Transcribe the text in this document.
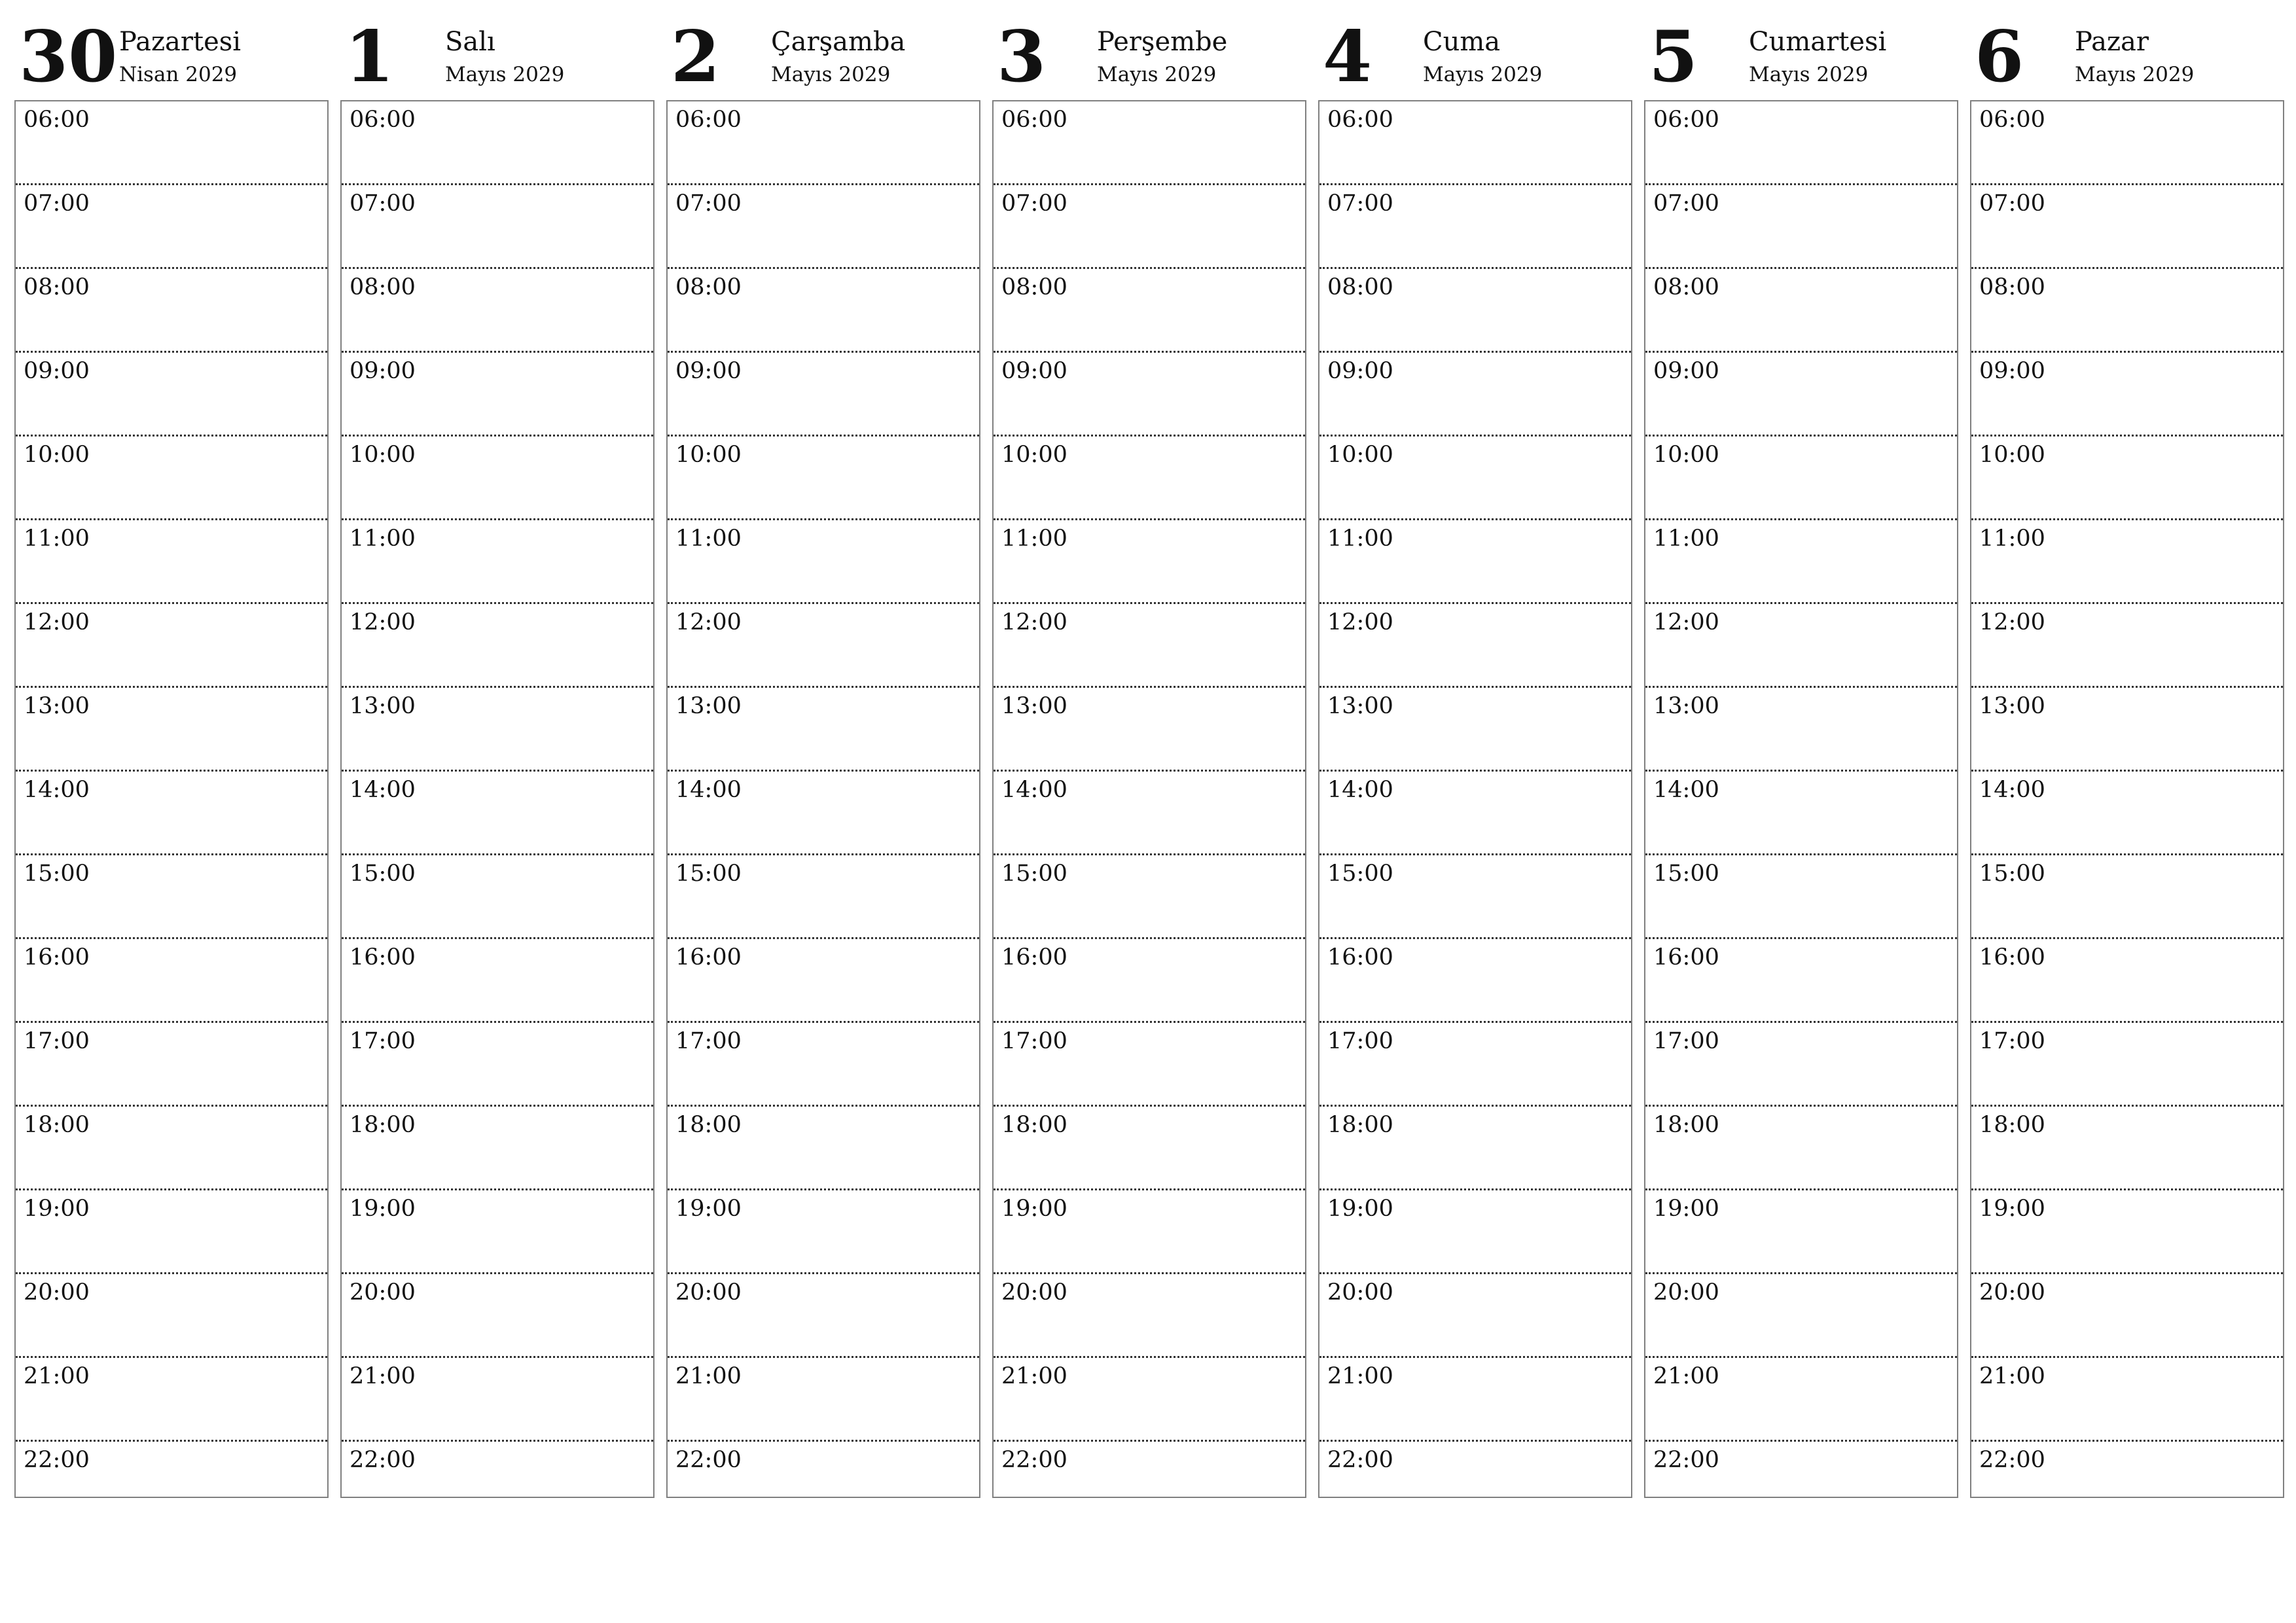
30 Pazartesi
Nisan 2029
06:00
07:00
08:00
09:00
10:00
11:00
12:00
13:00
14:00
15:00
16:00
17:00
18:00
19:00
20:00
21:00
22:00
1 Salı
Mayıs 2029
06:00
07:00
08:00
09:00
10:00
11:00
12:00
13:00
14:00
15:00
16:00
17:00
18:00
19:00
20:00
21:00
22:00
2 Çarşamba
Mayıs 2029
06:00
07:00
08:00
09:00
10:00
11:00
12:00
13:00
14:00
15:00
16:00
17:00
18:00
19:00
20:00
21:00
22:00
3 Perşembe
Mayıs 2029
06:00
07:00
08:00
09:00
10:00
11:00
12:00
13:00
14:00
15:00
16:00
17:00
18:00
19:00
20:00
21:00
22:00
4 Cuma
Mayıs 2029
06:00
07:00
08:00
09:00
10:00
11:00
12:00
13:00
14:00
15:00
16:00
17:00
18:00
19:00
20:00
21:00
22:00
5 Cumartesi
Mayıs 2029
06:00
07:00
08:00
09:00
10:00
11:00
12:00
13:00
14:00
15:00
16:00
17:00
18:00
19:00
20:00
21:00
22:00
6 Pazar
Mayıs 2029
06:00
07:00
08:00
09:00
10:00
11:00
12:00
13:00
14:00
15:00
16:00
17:00
18:00
19:00
20:00
21:00
22:00
